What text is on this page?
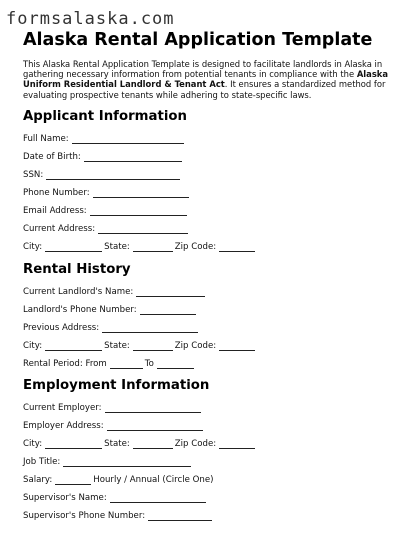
formsalaska.com
Alaska Rental Application Template
This Alaska Rental Application Template is designed to facilitate landlords in Alaska in gathering necessary information from potential tenants in compliance with the Alaska Uniform Residential Landlord & Tenant Act. It ensures a standardized method for evaluating prospective tenants while adhering to state-specific laws.
Applicant Information
Full Name:
Date of Birth:
SSN:
Phone Number:
Email Address:
Current Address:
City:	State:	Zip Code:
Rental History
Current Landlord's Name:
Landlord's Phone Number:
Previous Address:
City:	State:	Zip Code:
Rental Period: From	To
Employment Information
Current Employer:
Employer Address:
City:	State:	Zip Code:
Job Title:
Salary:	Hourly / Annual (Circle One)
Supervisor's Name:
Supervisor's Phone Number:
